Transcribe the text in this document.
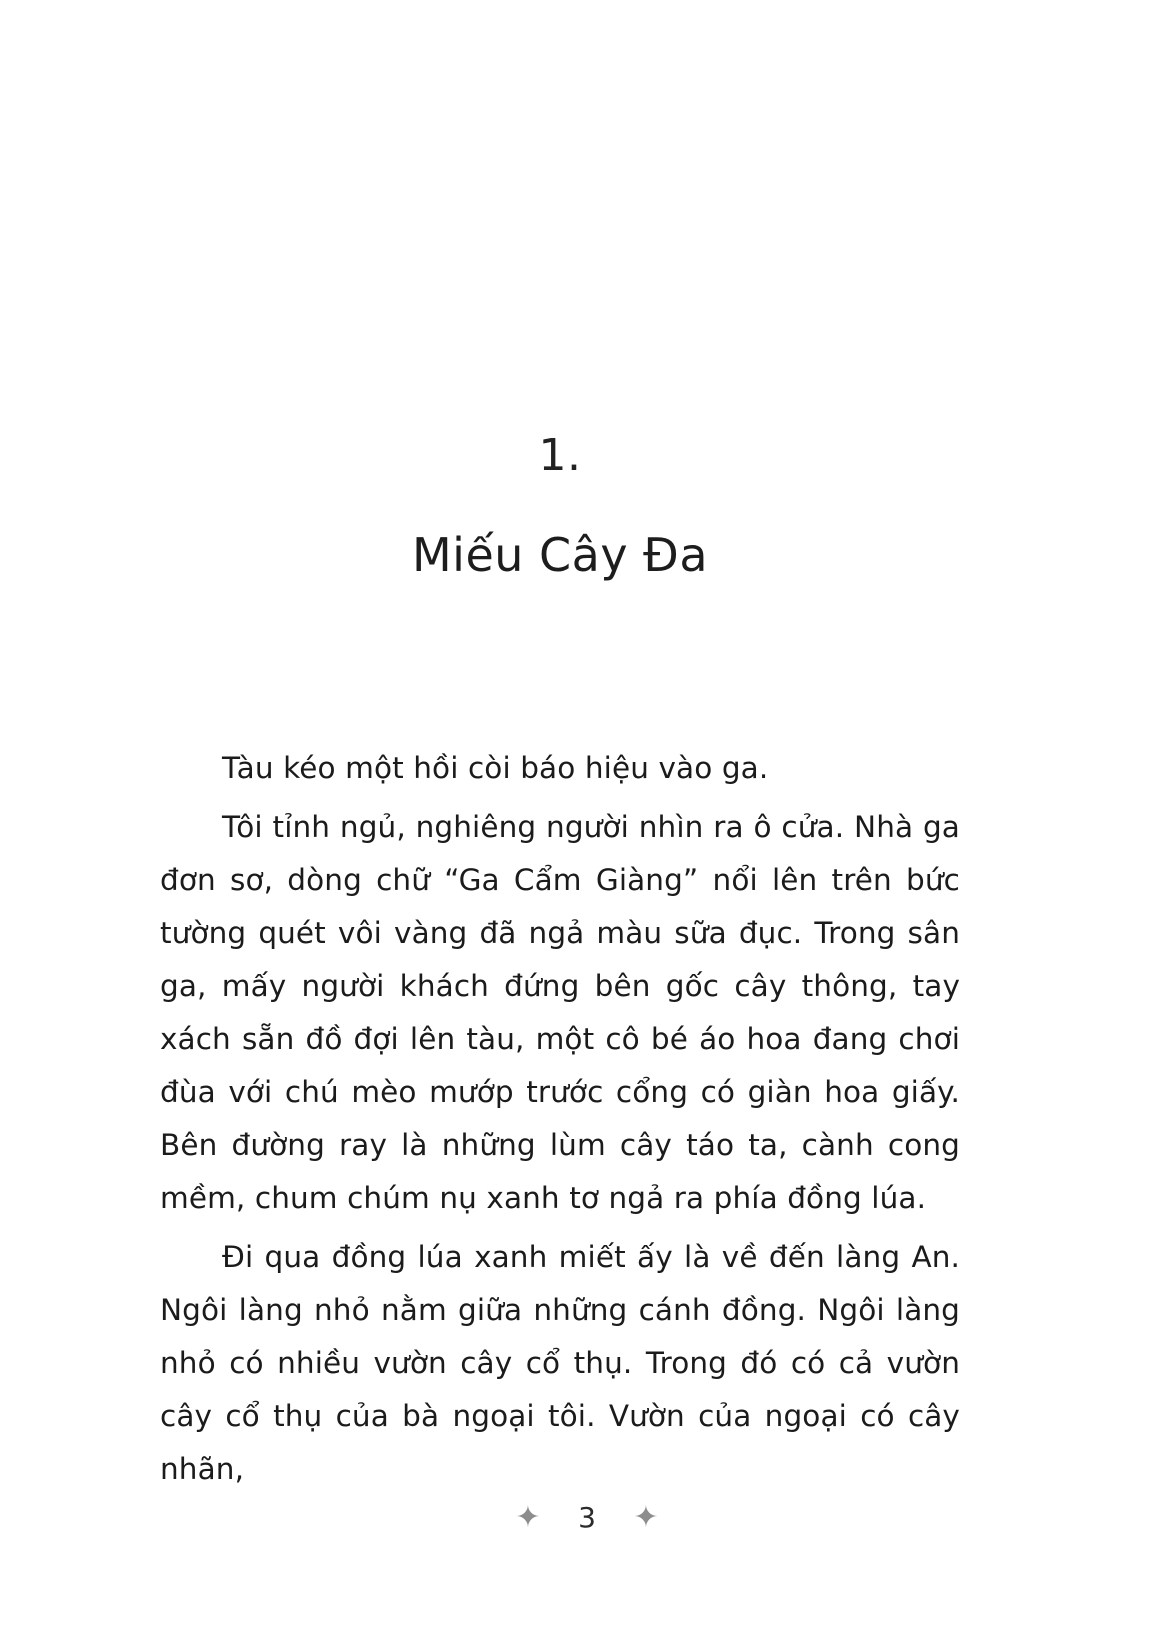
1.
Miếu Cây Đa

Tàu kéo một hồi còi báo hiệu vào ga.

Tôi tỉnh ngủ, nghiêng người nhìn ra ô cửa. Nhà ga đơn sơ, dòng chữ “Ga Cẩm Giàng” nổi lên trên bức tường quét vôi vàng đã ngả màu sữa đục. Trong sân ga, mấy người khách đứng bên gốc cây thông, tay xách sẵn đồ đợi lên tàu, một cô bé áo hoa đang chơi đùa với chú mèo mướp trước cổng có giàn hoa giấy. Bên đường ray là những lùm cây táo ta, cành cong mềm, chum chúm nụ xanh tơ ngả ra phía đồng lúa.

Đi qua đồng lúa xanh miết ấy là về đến làng An. Ngôi làng nhỏ nằm giữa những cánh đồng. Ngôi làng nhỏ có nhiều vườn cây cổ thụ. Trong đó có cả vườn cây cổ thụ của bà ngoại tôi. Vườn của ngoại có cây nhãn,

✦ 3 ✦
